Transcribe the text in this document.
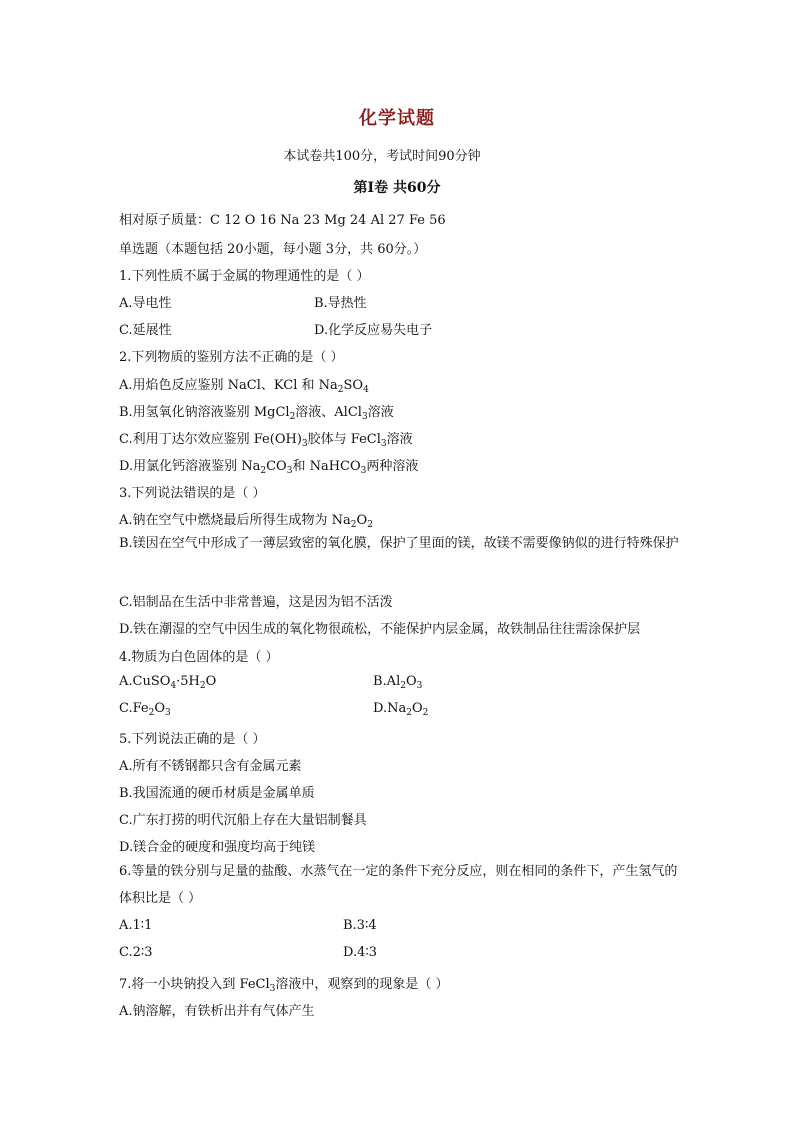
化学试题
本试卷共100分，考试时间90分钟
第Ⅰ卷 共60分
相对原子质量：C 12 O 16 Na 23 Mg 24 Al 27 Fe 56
单选题（本题包括 20小题，每小题 3分，共 60分。）
1.下列性质不属于金属的物理通性的是（ ）
A.导电性	B.导热性
C.延展性	D.化学反应易失电子
2.下列物质的鉴别方法不正确的是（ ）
A.用焰色反应鉴别 NaCl、KCl 和 $Na_2SO_4$
B.用氢氧化钠溶液鉴别 MgCl$_2$溶液、AlCl$_3$溶液
C.利用丁达尔效应鉴别 $Fe(OH)_3$胶体与 FeCl$_3$溶液
D.用氯化钙溶液鉴别 $Na_2CO_3$和 NaHCO$_3$两种溶液
3.下列说法错误的是（ ）
A.钠在空气中燃烧最后所得生成物为 $Na_2O_2$
B.镁因在空气中形成了一薄层致密的氧化膜，保护了里面的镁，故镁不需要像钠似的进行特殊保护
C.铝制品在生活中非常普遍，这是因为铝不活泼
D.铁在潮湿的空气中因生成的氧化物很疏松，不能保护内层金属，故铁制品往往需涂保护层
4.物质为白色固体的是（ ）
$A.CuSO_4\cdot 5H_2O$	$B.Al_2O_3$
$C.Fe_2O_3$	$D.Na_2O_2$
5.下列说法正确的是（ ）
A.所有不锈钢都只含有金属元素
B.我国流通的硬币材质是金属单质
C.广东打捞的明代沉船上存在大量铝制餐具
D.镁合金的硬度和强度均高于纯镁
6.等量的铁分别与足量的盐酸、水蒸气在一定的条件下充分反应，则在相同的条件下，产生氢气的体积比是（ ）
A.1∶1	B.3∶4
C.2∶3	D.4∶3
7.将一小块钠投入到 FeCl$_3$溶液中，观察到的现象是（ ）
A.钠溶解，有铁析出并有气体产生
